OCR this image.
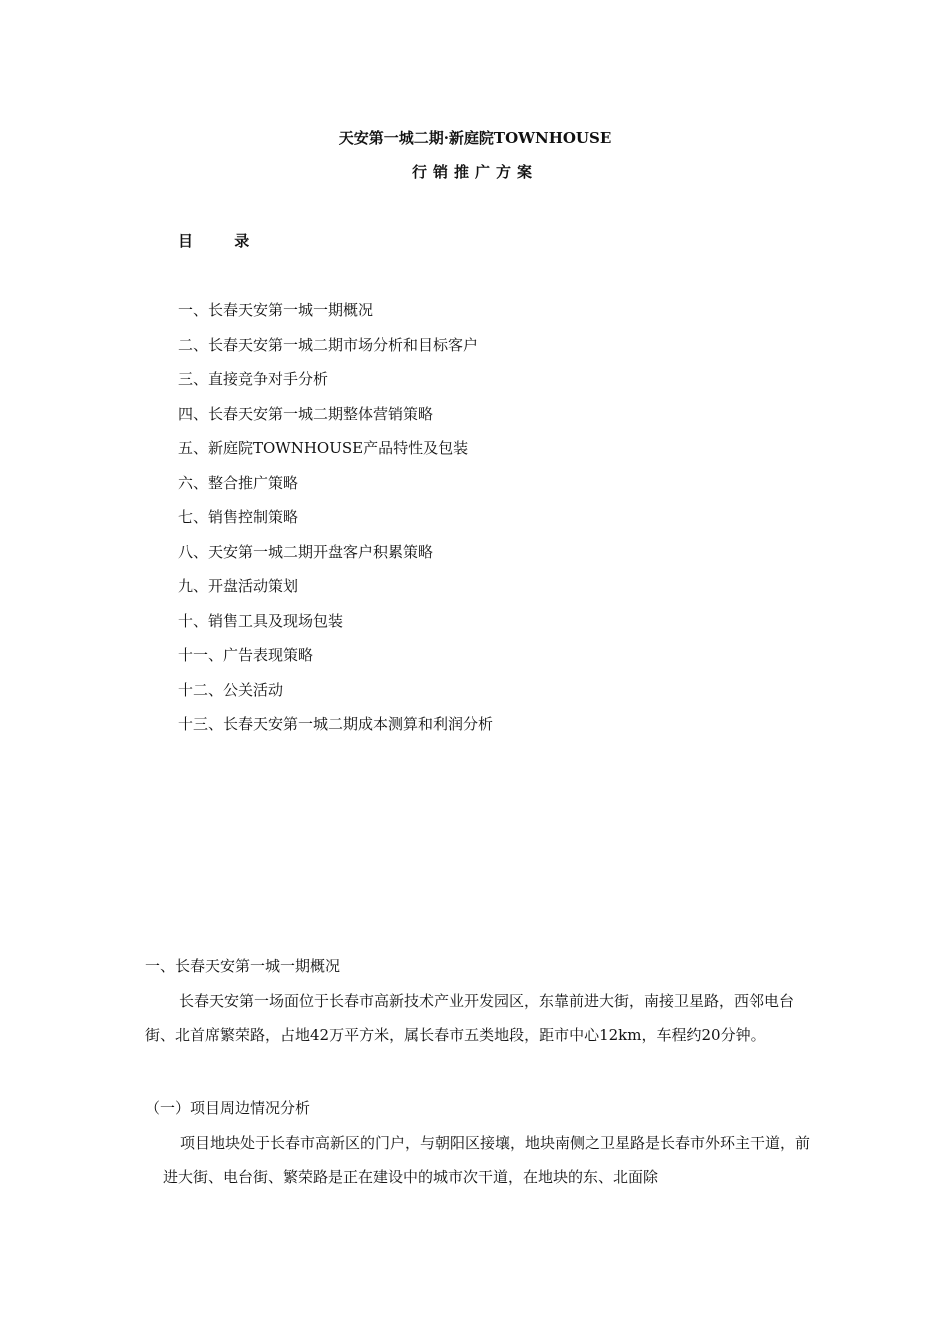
天安第一城二期·新庭院TOWNHOUSE
行销推广方案
目 录
一、长春天安第一城一期概况
二、长春天安第一城二期市场分析和目标客户
三、直接竞争对手分析
四、长春天安第一城二期整体营销策略
五、新庭院TOWNHOUSE产品特性及包装
六、整合推广策略
七、销售控制策略
八、天安第一城二期开盘客户积累策略
九、开盘活动策划
十、销售工具及现场包装
十一、广告表现策略
十二、公关活动
十三、长春天安第一城二期成本测算和利润分析
一、长春天安第一城一期概况

长春天安第一场面位于长春市高新技术产业开发园区，东靠前进大街，南接卫星路，西邻电台街、北首席繁荣路，占地42万平方米，属长春市五类地段，距市中心12km，车程约20分钟。

（一）项目周边情况分析

项目地块处于长春市高新区的门户，与朝阳区接壤，地块南侧之卫星路是长春市外环主干道，前进大街、电台街、繁荣路是正在建设中的城市次干道，在地块的东、北面除
